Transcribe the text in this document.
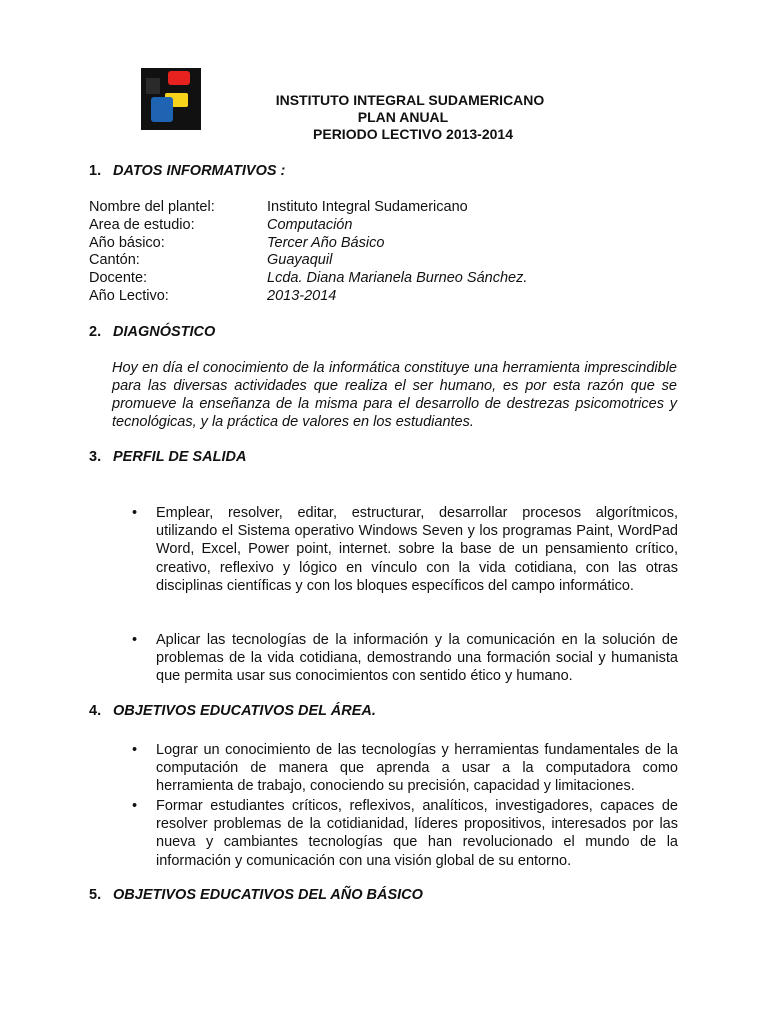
INSTITUTO INTEGRAL SUDAMERICANO
PLAN ANUAL
PERIODO LECTIVO 2013-2014
1. DATOS INFORMATIVOS :
Nombre del plantel:	Instituto Integral Sudamericano
Area de estudio:	Computación
Año básico:	Tercer Año Básico
Cantón:	Guayaquil
Docente:	Lcda. Diana Marianela Burneo Sánchez.
Año Lectivo:	2013-2014
2. DIAGNÓSTICO
Hoy en día el conocimiento de la informática constituye una herramienta imprescindible para las diversas actividades que realiza el ser humano, es por esta razón que se promueve la enseñanza de la misma para el desarrollo de destrezas psicomotrices y tecnológicas, y la práctica de valores en los estudiantes.
3. PERFIL DE SALIDA
• Emplear, resolver, editar, estructurar, desarrollar procesos algorítmicos, utilizando el Sistema operativo Windows Seven y los programas Paint, WordPad Word, Excel, Power point, internet. sobre la base de un pensamiento crítico, creativo, reflexivo y lógico en vínculo con la vida cotidiana, con las otras disciplinas científicas y con los bloques específicos del campo informático.
• Aplicar las tecnologías de la información y la comunicación en la solución de problemas de la vida cotidiana, demostrando una formación social y humanista que permita usar sus conocimientos con sentido ético y humano.
4. OBJETIVOS EDUCATIVOS DEL ÁREA.
• Lograr un conocimiento de las tecnologías y herramientas fundamentales de la computación de manera que aprenda a usar a la computadora como herramienta de trabajo, conociendo su precisión, capacidad y limitaciones.
• Formar estudiantes críticos, reflexivos, analíticos, investigadores, capaces de resolver problemas de la cotidianidad, líderes propositivos, interesados por las nueva y cambiantes tecnologías que han revolucionado el mundo de la información y comunicación con una visión global de su entorno.
5. OBJETIVOS EDUCATIVOS DEL AÑO BÁSICO
